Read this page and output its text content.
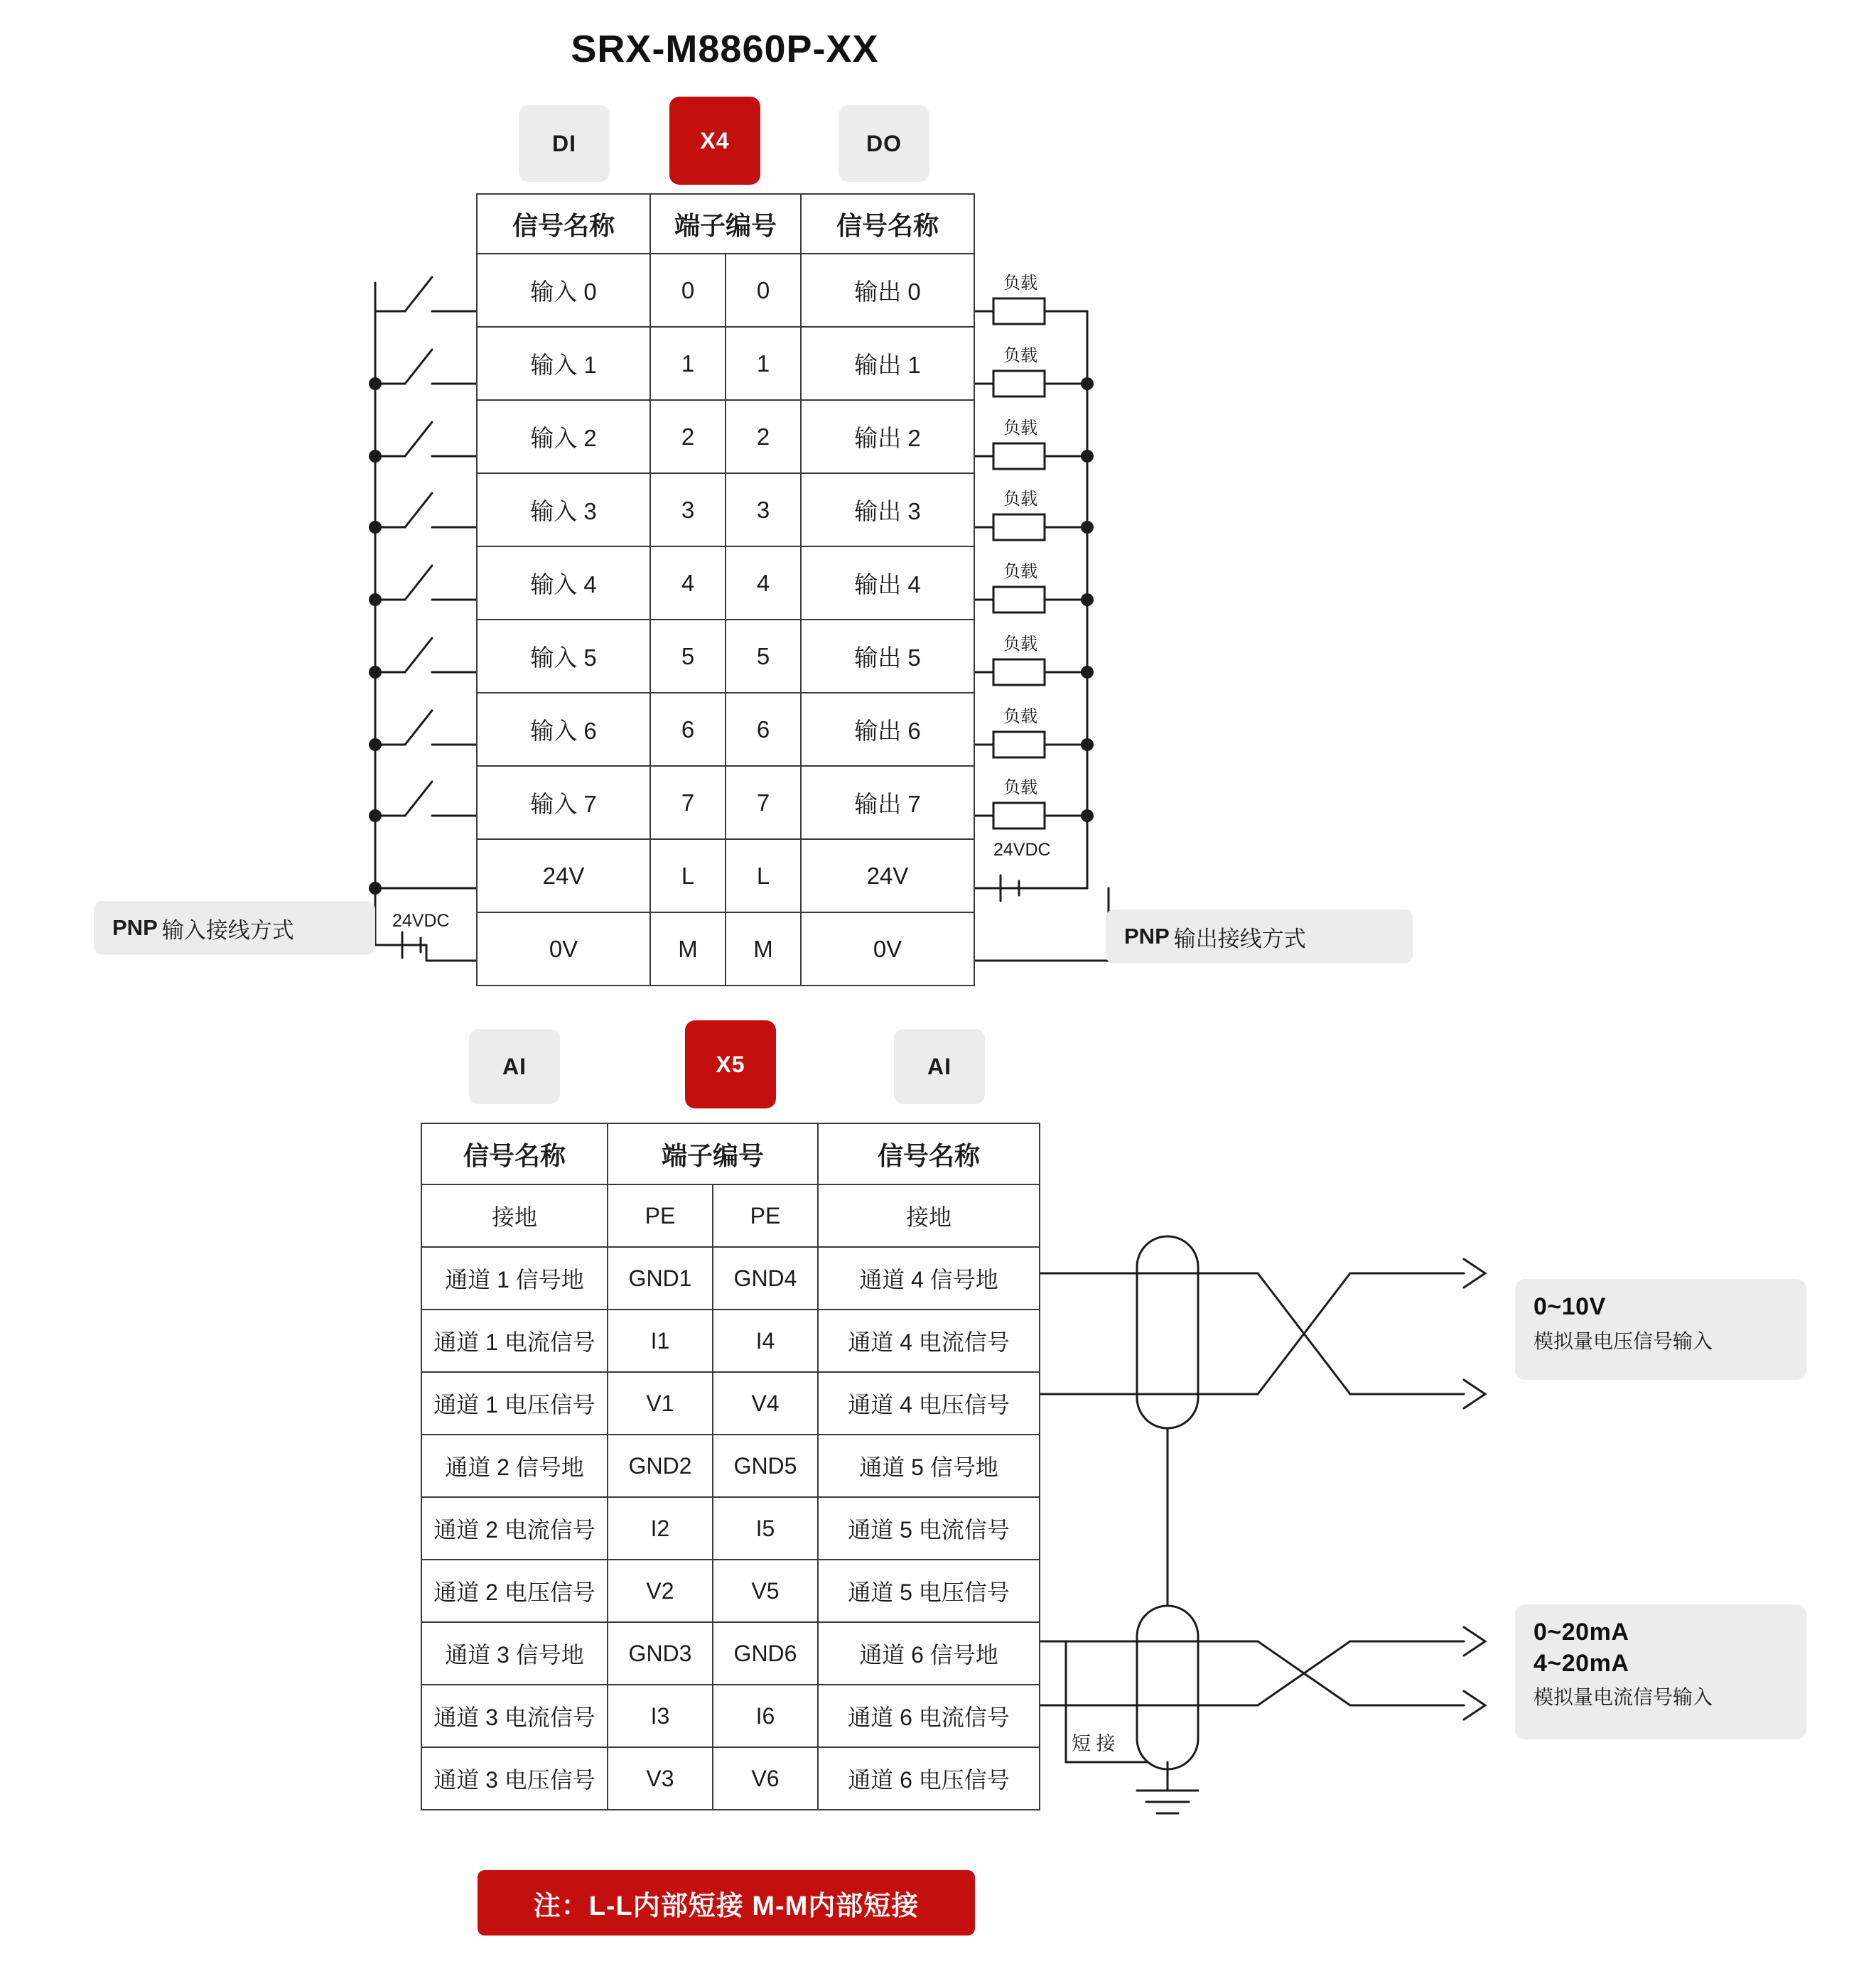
SRX-M8860P-XX
DI	X4	DO
信号名称	端子编号		信号名称
输入 0	0	0	输出 0
输入 1	1	1	输出 1
输入 2	2	2	输出 2
输入 3	3	3	输出 3
输入 4	4	4	输出 4
输入 5	5	5	输出 5
输入 6	6	6	输出 6
输入 7	7	7	输出 7
24V	L	L	24V
0V	M	M	0V
负载
负载
负载
负载
负载
负载
负载
负载
24VDC
24VDC
PNP 输入接线方式	PNP 输出接线方式
AI	X5	AI
信号名称	端子编号		信号名称
接地	PE	PE	接地
通道 1 信号地	GND1	GND4	通道 4 信号地
通道 1 电流信号	I1	I4	通道 4 电流信号
通道 1 电压信号	V1	V4	通道 4 电压信号
通道 2 信号地	GND2	GND5	通道 5 信号地
通道 2 电流信号	I2	I5	通道 5 电流信号
通道 2 电压信号	V2	V5	通道 5 电压信号
通道 3 信号地	GND3	GND6	通道 6 信号地
通道 3 电流信号	I3	I6	通道 6 电流信号
通道 3 电压信号	V3	V6	通道 6 电压信号
短 接
0~10V
模拟量电压信号输入
0~20mA
4~20mA
模拟量电流信号输入
注：L-L内部短接 M-M内部短接
